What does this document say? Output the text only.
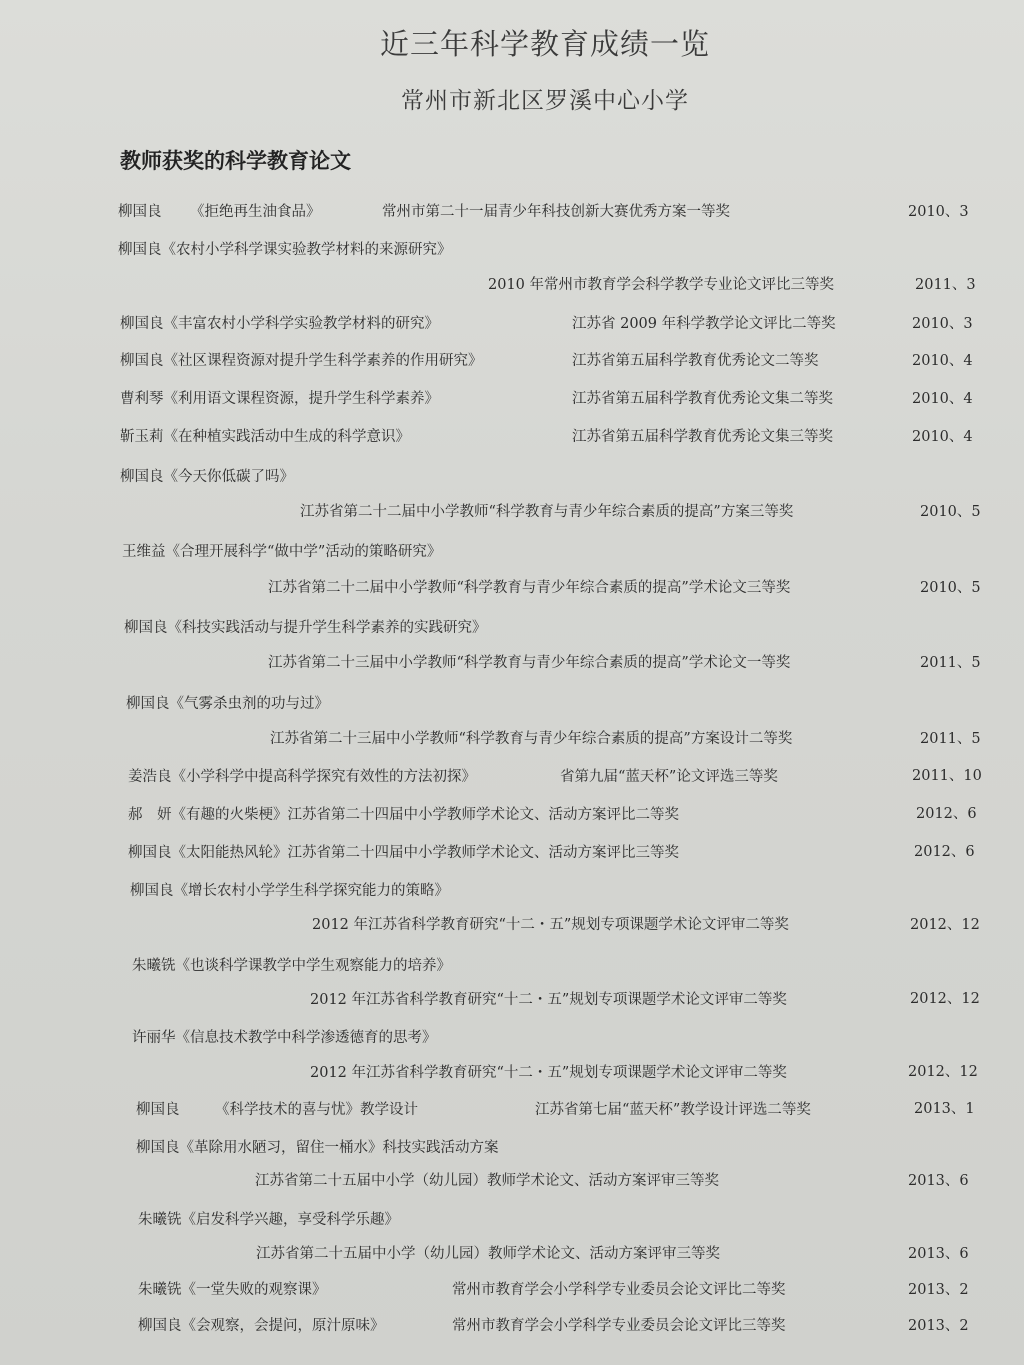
近三年科学教育成绩一览
常州市新北区罗溪中心小学
教师获奖的科学教育论文
柳国良 《拒绝再生油食品》	常州市第二十一届青少年科技创新大赛优秀方案一等奖	2010、3
柳国良《农村小学科学课实验教学材料的来源研究》
2010 年常州市教育学会科学教学专业论文评比三等奖	2011、3
柳国良《丰富农村小学科学实验教学材料的研究》	江苏省 2009 年科学教学论文评比二等奖	2010、3
柳国良《社区课程资源对提升学生科学素养的作用研究》	江苏省第五届科学教育优秀论文二等奖	2010、4
曹利琴《利用语文课程资源，提升学生科学素养》	江苏省第五届科学教育优秀论文集二等奖	2010、4
靳玉莉《在种植实践活动中生成的科学意识》	江苏省第五届科学教育优秀论文集三等奖	2010、4
柳国良《今天你低碳了吗》
江苏省第二十二届中小学教师“科学教育与青少年综合素质的提高”方案三等奖	2010、5
王维益《合理开展科学“做中学”活动的策略研究》
江苏省第二十二届中小学教师“科学教育与青少年综合素质的提高”学术论文三等奖	2010、5
柳国良《科技实践活动与提升学生科学素养的实践研究》
江苏省第二十三届中小学教师“科学教育与青少年综合素质的提高”学术论文一等奖	2011、5
柳国良《气雾杀虫剂的功与过》
江苏省第二十三届中小学教师“科学教育与青少年综合素质的提高”方案设计二等奖	2011、5
姜浩良《小学科学中提高科学探究有效性的方法初探》	省第九届“蓝天杯”论文评选三等奖	2011、10
郝　妍《有趣的火柴梗》江苏省第二十四届中小学教师学术论文、活动方案评比二等奖	2012、6
柳国良《太阳能热风轮》江苏省第二十四届中小学教师学术论文、活动方案评比三等奖	2012、6
柳国良《增长农村小学学生科学探究能力的策略》
2012 年江苏省科学教育研究“十二・五”规划专项课题学术论文评审二等奖	2012、12
朱曦铣《也谈科学课教学中学生观察能力的培养》
2012 年江苏省科学教育研究“十二・五”规划专项课题学术论文评审二等奖	2012、12
许丽华《信息技术教学中科学渗透德育的思考》
2012 年江苏省科学教育研究“十二・五”规划专项课题学术论文评审二等奖	2012、12
柳国良 《科学技术的喜与忧》教学设计	江苏省第七届“蓝天杯”教学设计评选二等奖	2013、1
柳国良《革除用水陋习，留住一桶水》科技实践活动方案
江苏省第二十五届中小学（幼儿园）教师学术论文、活动方案评审三等奖	2013、6
朱曦铣《启发科学兴趣，享受科学乐趣》
江苏省第二十五届中小学（幼儿园）教师学术论文、活动方案评审三等奖	2013、6
朱曦铣《一堂失败的观察课》	常州市教育学会小学科学专业委员会论文评比二等奖	2013、2
柳国良《会观察，会提问，原汁原味》	常州市教育学会小学科学专业委员会论文评比三等奖	2013、2
